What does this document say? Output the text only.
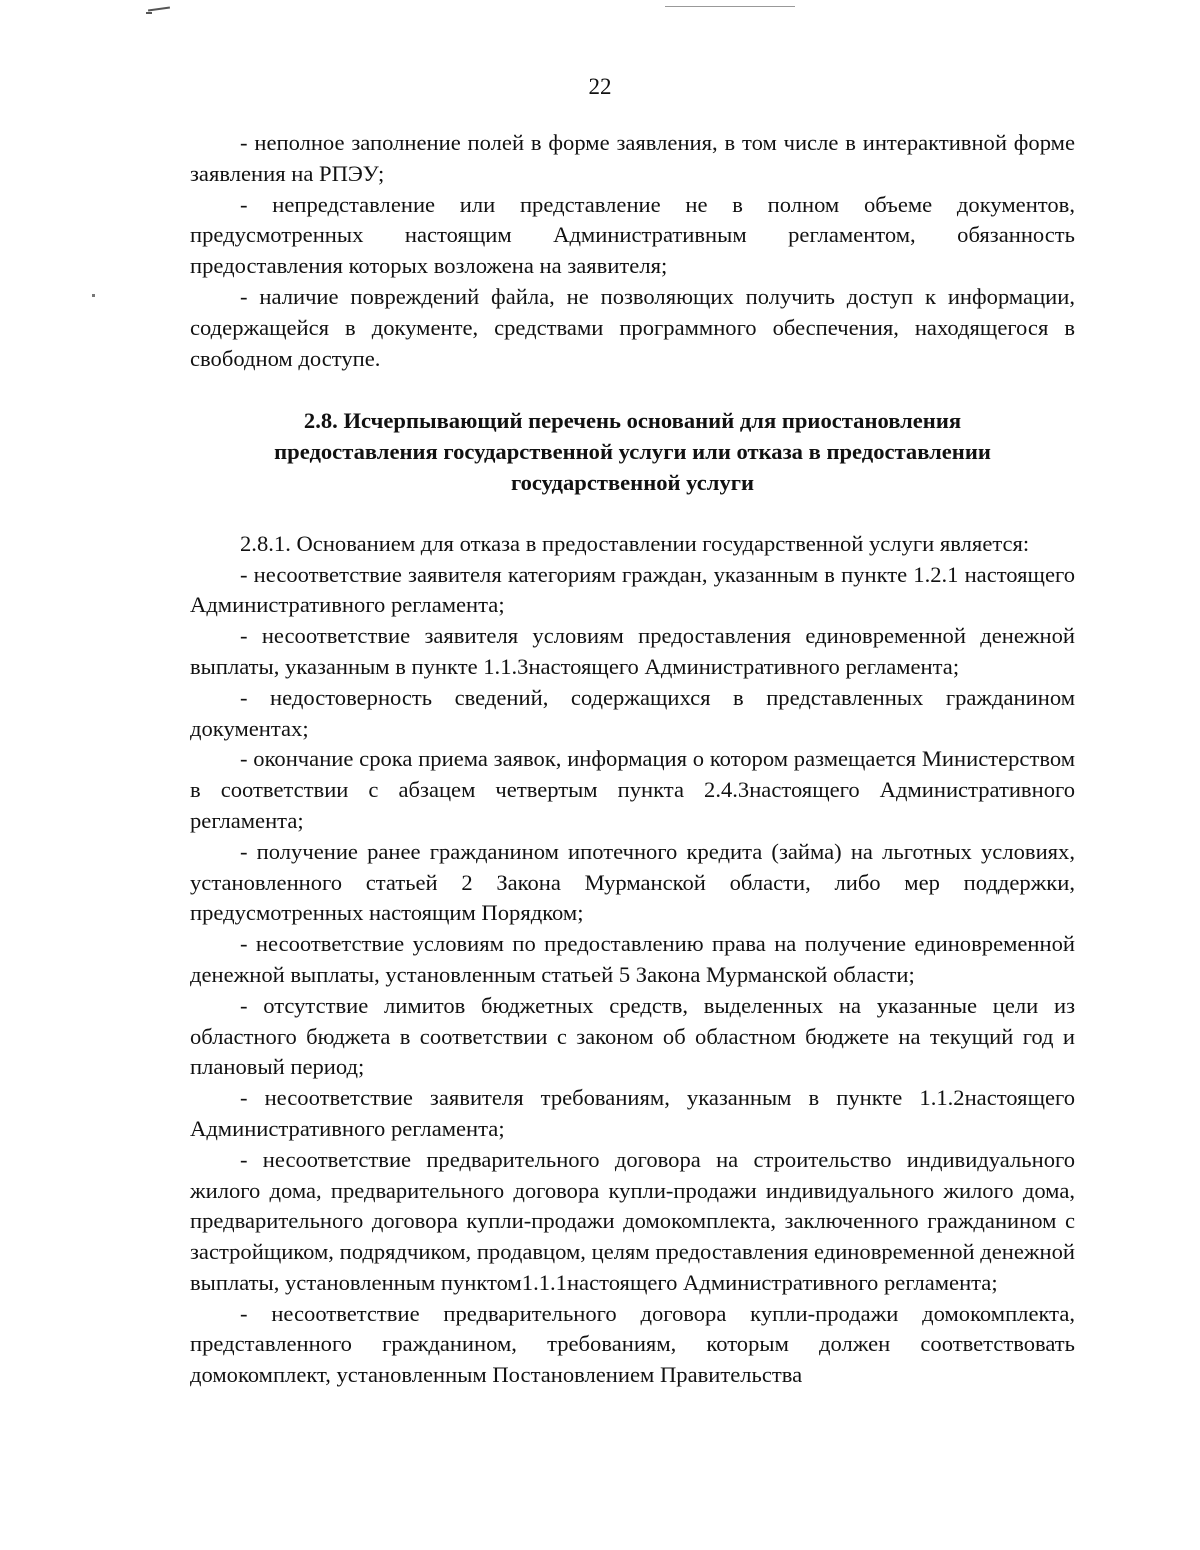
22

- неполное заполнение полей в форме заявления, в том числе в интерактивной форме заявления на РПЭУ;

- непредставление или представление не в полном объеме документов, предусмотренных настоящим Административным регламентом, обязанность предоставления которых возложена на заявителя;

- наличие повреждений файла, не позволяющих получить доступ к информации, содержащейся в документе, средствами программного обеспечения, находящегося в свободном доступе.

2.8. Исчерпывающий перечень оснований для приостановления
предоставления государственной услуги или отказа в предоставлении
государственной услуги

2.8.1. Основанием для отказа в предоставлении государственной услуги является:

- несоответствие заявителя категориям граждан, указанным в пункте 1.2.1 настоящего Административного регламента;

- несоответствие заявителя условиям предоставления единовременной денежной выплаты, указанным в пункте 1.1.3настоящего Административного регламента;

- недостоверность сведений, содержащихся в представленных гражданином документах;

- окончание срока приема заявок, информация о котором размещается Министерством в соответствии с абзацем четвертым пункта 2.4.3настоящего Административного регламента;

- получение ранее гражданином ипотечного кредита (займа) на льготных условиях, установленного статьей 2 Закона Мурманской области, либо мер поддержки, предусмотренных настоящим Порядком;

- несоответствие условиям по предоставлению права на получение единовременной денежной выплаты, установленным статьей 5 Закона Мурманской области;

- отсутствие лимитов бюджетных средств, выделенных на указанные цели из областного бюджета в соответствии с законом об областном бюджете на текущий год и плановый период;

- несоответствие заявителя требованиям, указанным в пункте 1.1.2настоящего Административного регламента;

- несоответствие предварительного договора на строительство индивидуального жилого дома, предварительного договора купли-продажи индивидуального жилого дома, предварительного договора купли-продажи домокомплекта, заключенного гражданином с застройщиком, подрядчиком, продавцом, целям предоставления единовременной денежной выплаты, установленным пунктом1.1.1настоящего Административного регламента;

- несоответствие предварительного договора купли-продажи домокомплекта, представленного гражданином, требованиям, которым должен соответствовать домокомплект, установленным Постановлением Правительства
